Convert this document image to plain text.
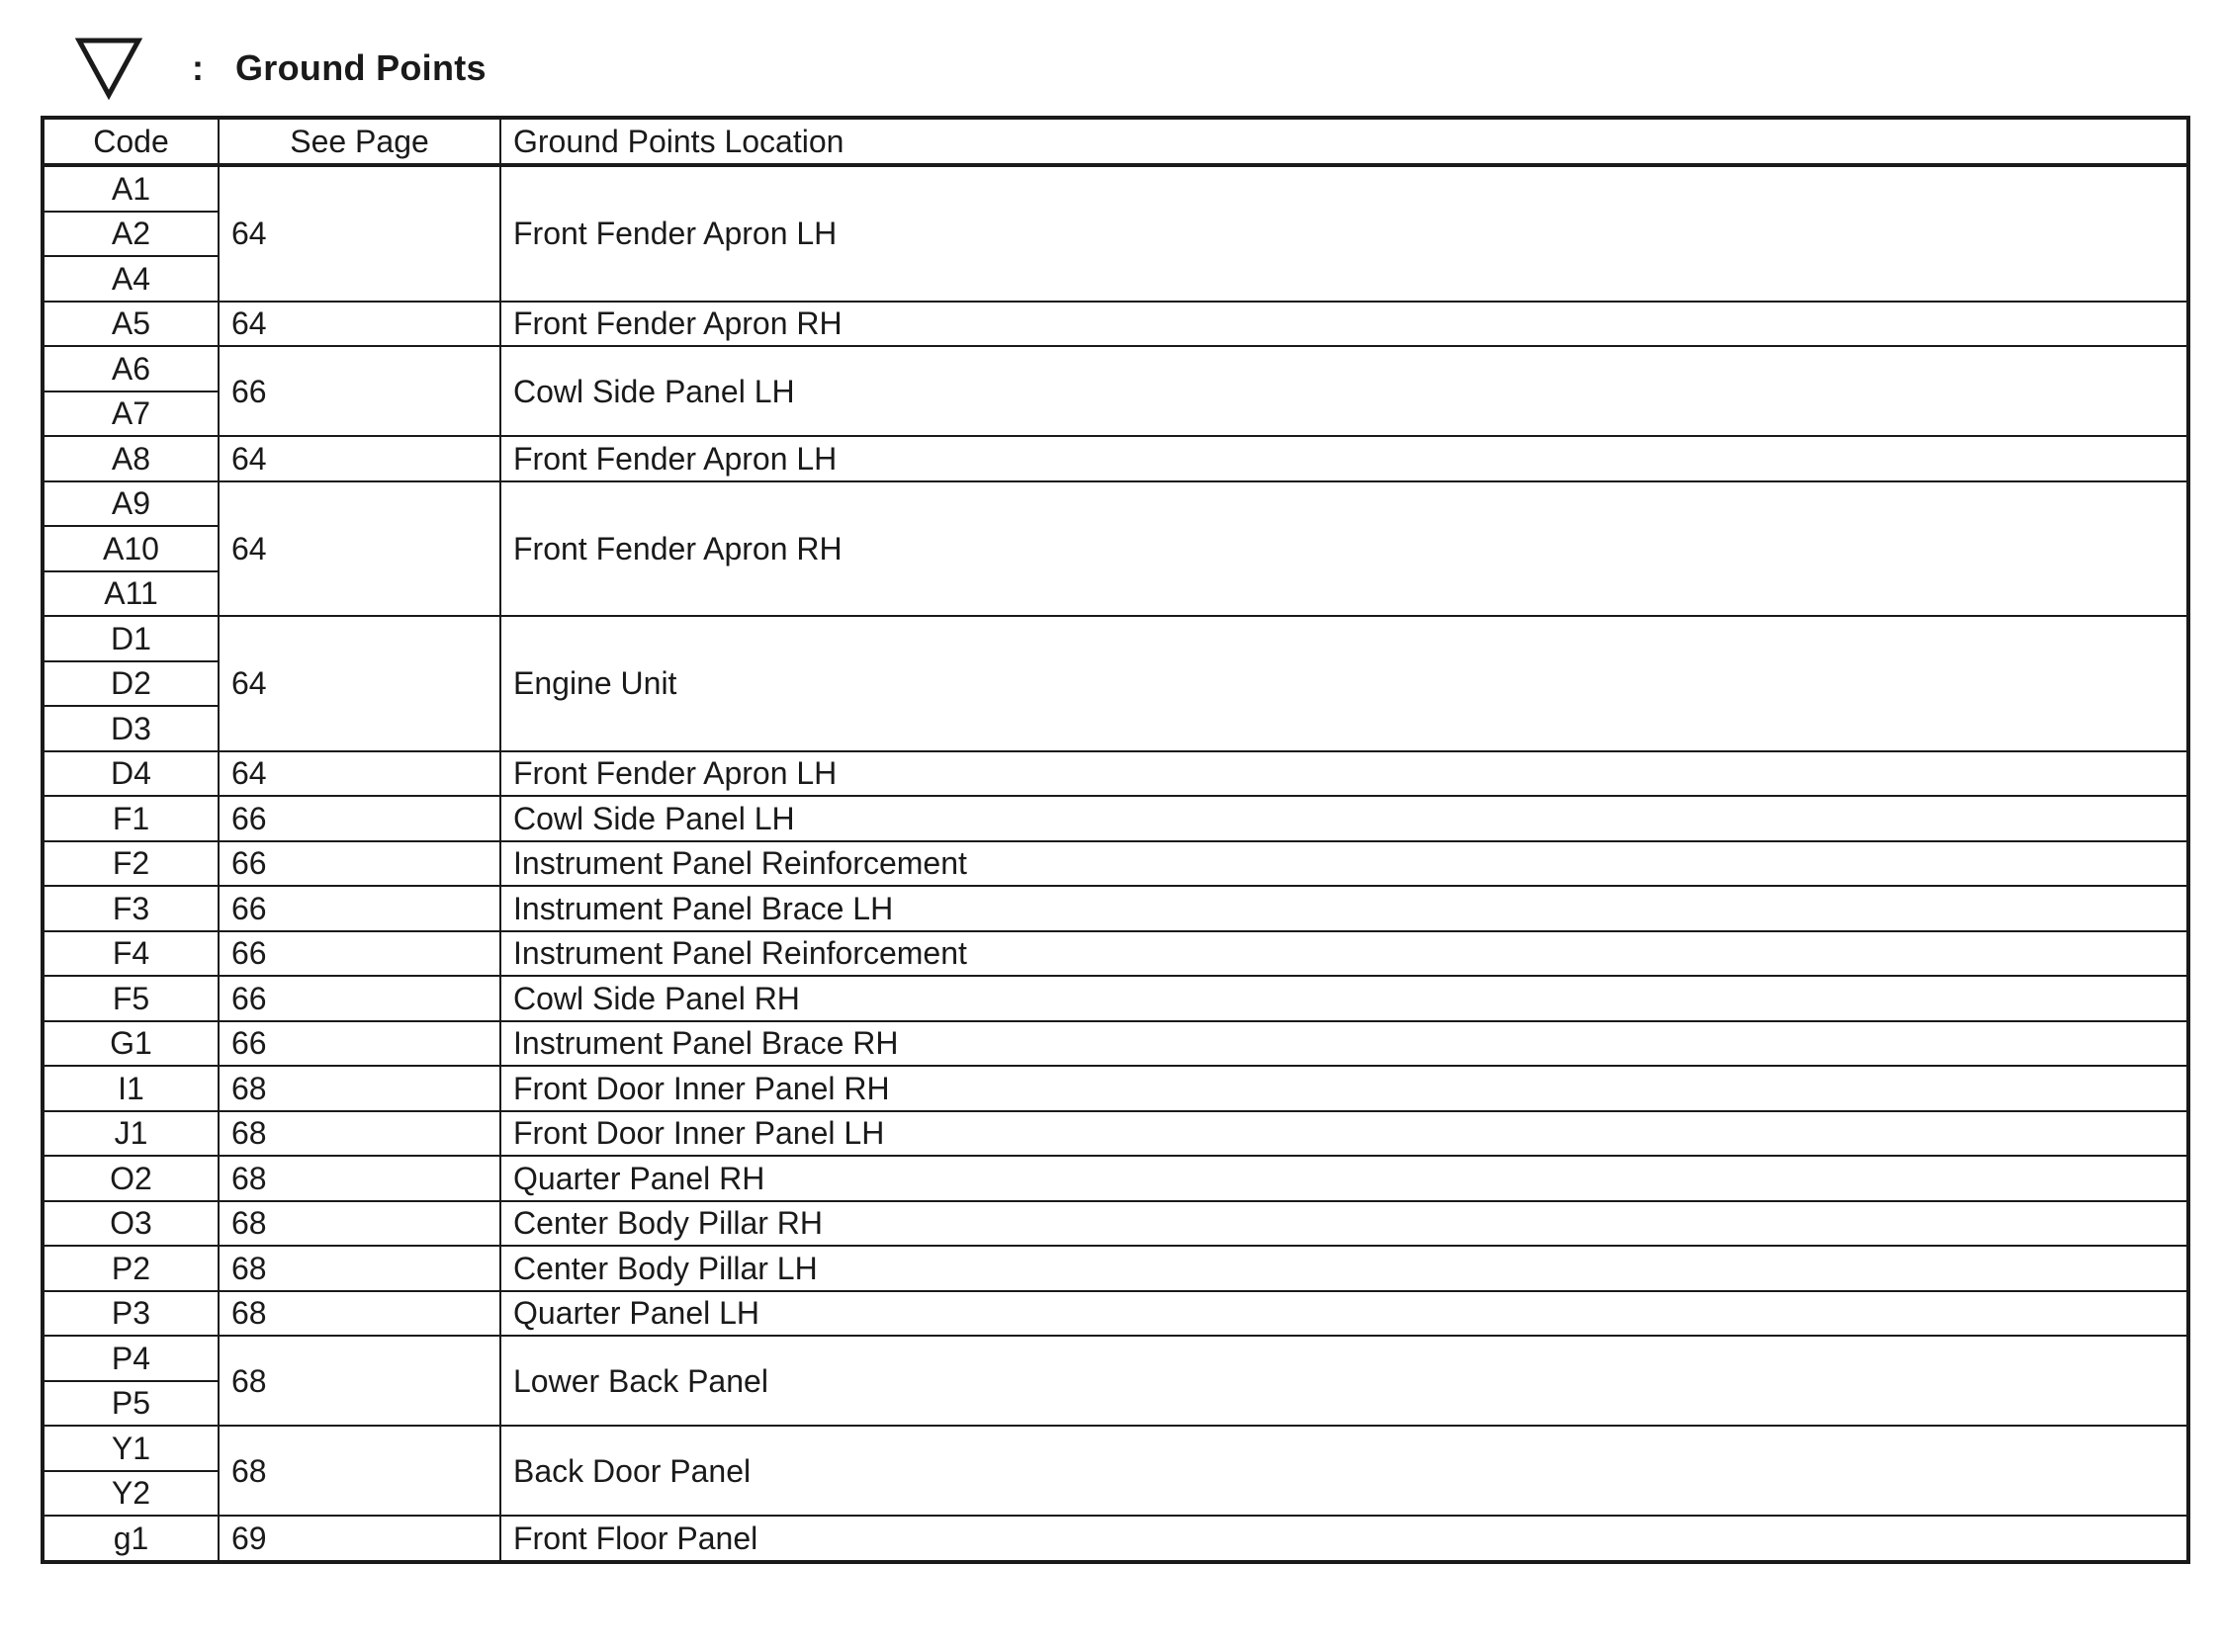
: Ground Points
Code	See Page	Ground Points Location
A1	64	Front Fender Apron LH
A2		
A4		
A5	64	Front Fender Apron RH
A6	66	Cowl Side Panel LH
A7		
A8	64	Front Fender Apron LH
A9	64	Front Fender Apron RH
A10		
A11		
D1	64	Engine Unit
D2		
D3		
D4	64	Front Fender Apron LH
F1	66	Cowl Side Panel LH
F2	66	Instrument Panel Reinforcement
F3	66	Instrument Panel Brace LH
F4	66	Instrument Panel Reinforcement
F5	66	Cowl Side Panel RH
G1	66	Instrument Panel Brace RH
I1	68	Front Door Inner Panel RH
J1	68	Front Door Inner Panel LH
O2	68	Quarter Panel RH
O3	68	Center Body Pillar RH
P2	68	Center Body Pillar LH
P3	68	Quarter Panel LH
P4	68	Lower Back Panel
P5		
Y1	68	Back Door Panel
Y2		
g1	69	Front Floor Panel
